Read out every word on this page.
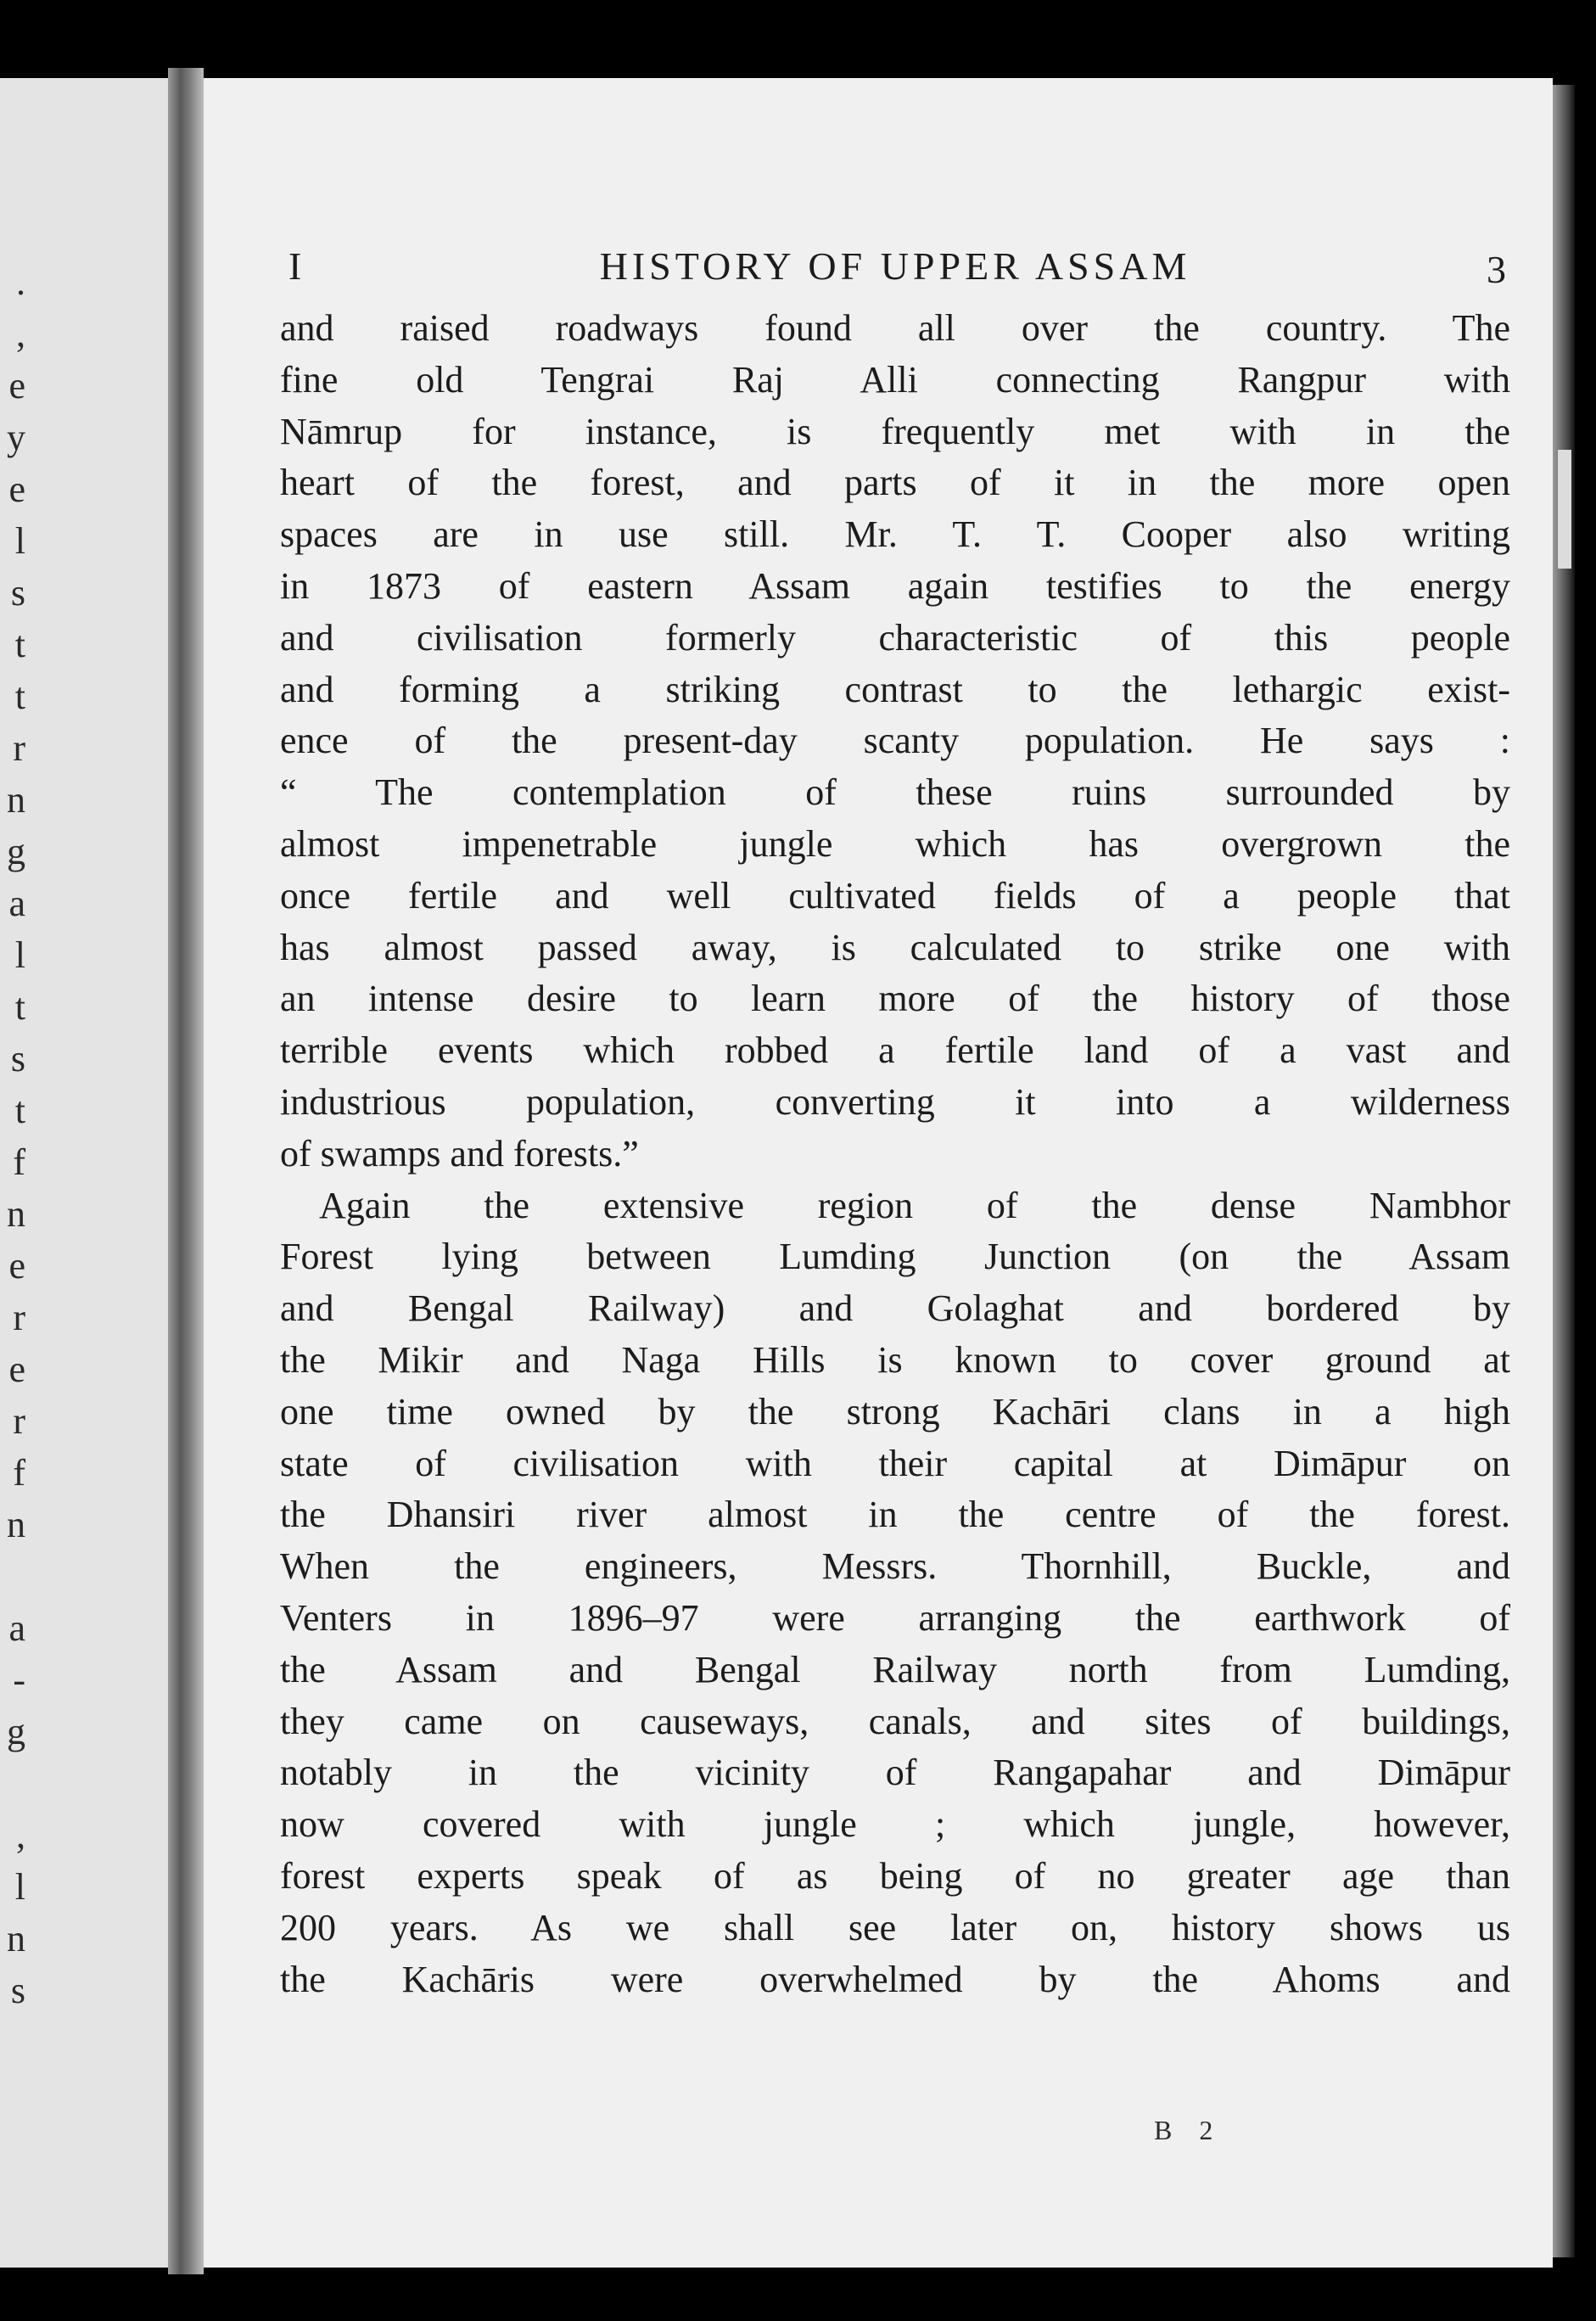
.
,
e
y
e
l
s
t
t
r
n
g
a
l
t
s
t
f
n
e
r
e
r
f
n
a
-
g
,
l
n
s
I	HISTORY OF UPPER ASSAM	3
and raised roadways found all over the country. The
fine old Tengrai Raj Alli connecting Rangpur with
Nāmrup for instance, is frequently met with in the
heart of the forest, and parts of it in the more open
spaces are in use still. Mr. T. T. Cooper also writing
in 1873 of eastern Assam again testifies to the energy
and civilisation formerly characteristic of this people
and forming a striking contrast to the lethargic exist-
ence of the present-day scanty population. He says :
“ The contemplation of these ruins surrounded by
almost impenetrable jungle which has overgrown the
once fertile and well cultivated fields of a people that
has almost passed away, is calculated to strike one with
an intense desire to learn more of the history of those
terrible events which robbed a fertile land of a vast and
industrious population, converting it into a wilderness
of swamps and forests.”
Again the extensive region of the dense Nambhor
Forest lying between Lumding Junction (on the Assam
and Bengal Railway) and Golaghat and bordered by
the Mikir and Naga Hills is known to cover ground at
one time owned by the strong Kachāri clans in a high
state of civilisation with their capital at Dimāpur on
the Dhansiri river almost in the centre of the forest.
When the engineers, Messrs. Thornhill, Buckle, and
Venters in 1896–97 were arranging the earthwork of
the Assam and Bengal Railway north from Lumding,
they came on causeways, canals, and sites of buildings,
notably in the vicinity of Rangapahar and Dimāpur
now covered with jungle ; which jungle, however,
forest experts speak of as being of no greater age than
200 years. As we shall see later on, history shows us
the Kachāris were overwhelmed by the Ahoms and
B 2
